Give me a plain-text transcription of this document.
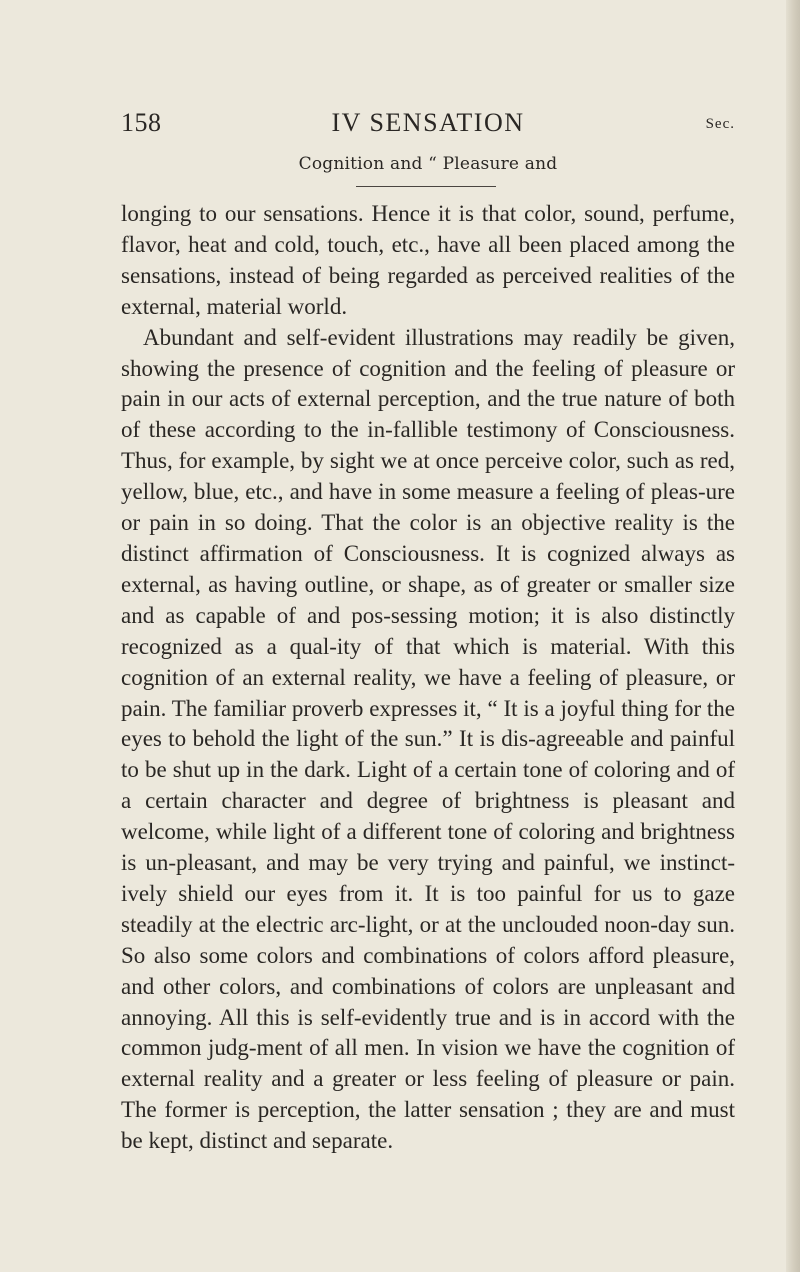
158	IV SENSATION	Sec.
Cognition and “ Pleasure and

longing to our sensations. Hence it is that color, sound, perfume, flavor, heat and cold, touch, etc., have all been placed among the sensations, instead of being regarded as perceived realities of the external, material world.

Abundant and self-evident illustrations may readily be given, showing the presence of cognition and the feeling of pleasure or pain in our acts of external perception, and the true nature of both of these according to the in-fallible testimony of Consciousness. Thus, for example, by sight we at once perceive color, such as red, yellow, blue, etc., and have in some measure a feeling of pleas-ure or pain in so doing. That the color is an objective reality is the distinct affirmation of Consciousness. It is cognized always as external, as having outline, or shape, as of greater or smaller size and as capable of and pos-sessing motion; it is also distinctly recognized as a qual-ity of that which is material. With this cognition of an external reality, we have a feeling of pleasure, or pain. The familiar proverb expresses it, “ It is a joyful thing for the eyes to behold the light of the sun.” It is dis-agreeable and painful to be shut up in the dark. Light of a certain tone of coloring and of a certain character and degree of brightness is pleasant and welcome, while light of a different tone of coloring and brightness is un-pleasant, and may be very trying and painful, we instinct-ively shield our eyes from it. It is too painful for us to gaze steadily at the electric arc-light, or at the unclouded noon-day sun. So also some colors and combinations of colors afford pleasure, and other colors, and combinations of colors are unpleasant and annoying. All this is self-evidently true and is in accord with the common judg-ment of all men. In vision we have the cognition of external reality and a greater or less feeling of pleasure or pain. The former is perception, the latter sensation ; they are and must be kept, distinct and separate.
